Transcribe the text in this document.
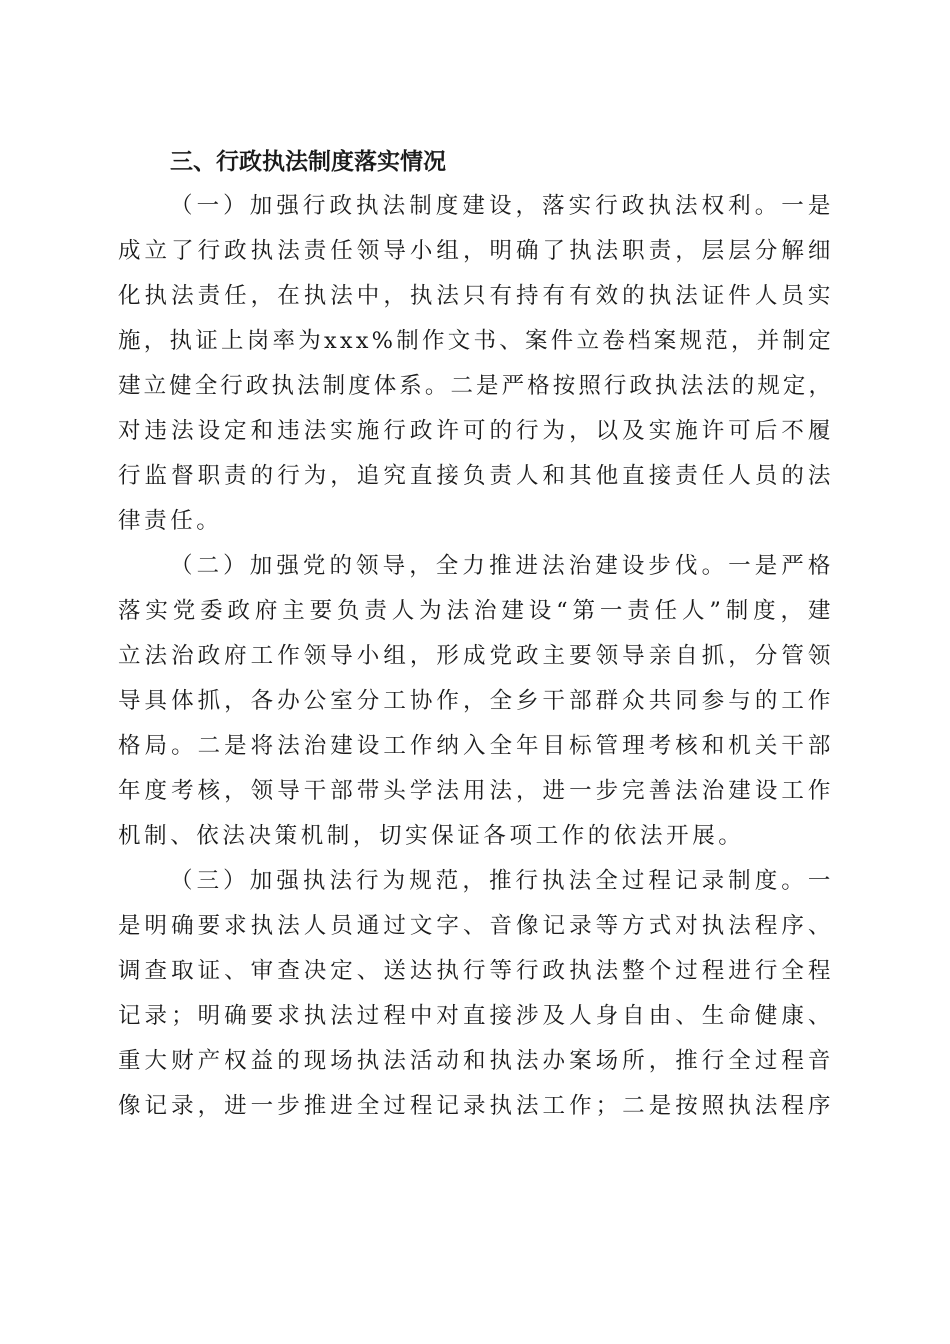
三、行政执法制度落实情况
（一）加强行政执法制度建设，落实行政执法权利。一是
成立了行政执法责任领导小组，明确了执法职责，层层分解细
化执法责任，在执法中，执法只有持有有效的执法证件人员实
施，执证上岗率为xxx%制作文书、案件立卷档案规范，并制定
建立健全行政执法制度体系。二是严格按照行政执法法的规定，
对违法设定和违法实施行政许可的行为，以及实施许可后不履
行监督职责的行为，追究直接负责人和其他直接责任人员的法
律责任。
（二）加强党的领导，全力推进法治建设步伐。一是严格
落实党委政府主要负责人为法治建设“第一责任人”制度，建
立法治政府工作领导小组，形成党政主要领导亲自抓，分管领
导具体抓，各办公室分工协作，全乡干部群众共同参与的工作
格局。二是将法治建设工作纳入全年目标管理考核和机关干部
年度考核，领导干部带头学法用法，进一步完善法治建设工作
机制、依法决策机制，切实保证各项工作的依法开展。
（三）加强执法行为规范，推行执法全过程记录制度。一
是明确要求执法人员通过文字、音像记录等方式对执法程序、
调查取证、审查决定、送达执行等行政执法整个过程进行全程
记录；明确要求执法过程中对直接涉及人身自由、生命健康、
重大财产权益的现场执法活动和执法办案场所，推行全过程音
像记录，进一步推进全过程记录执法工作；二是按照执法程序
